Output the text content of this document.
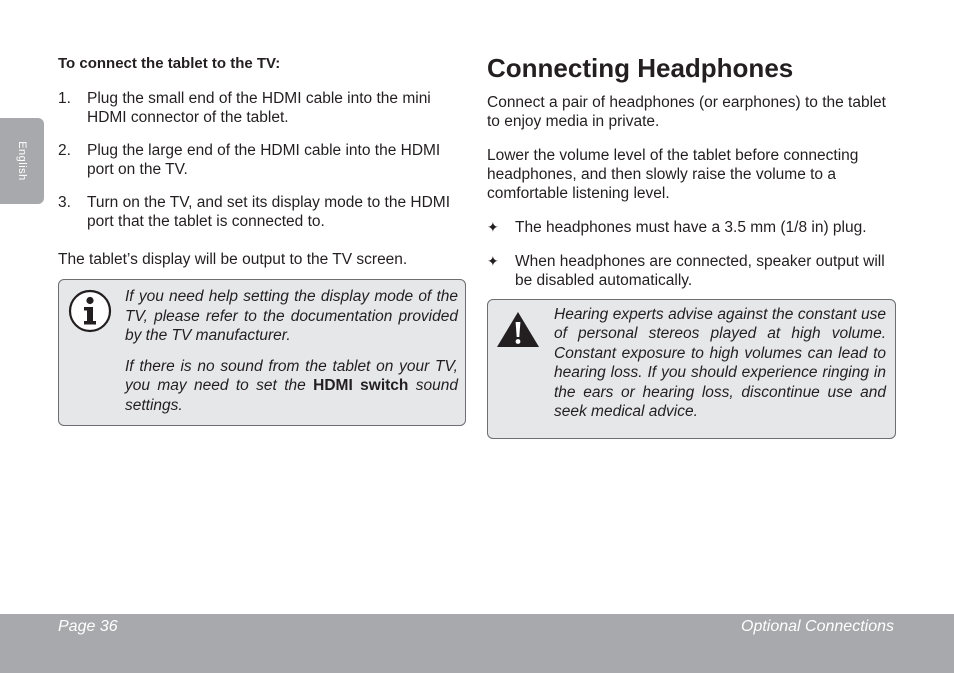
English
To connect the tablet to the TV:
1. Plug the small end of the HDMI cable into the mini HDMI connector of the tablet.
2. Plug the large end of the HDMI cable into the HDMI port on the TV.
3. Turn on the TV, and set its display mode to the HDMI port that the tablet is connected to.

The tablet’s display will be output to the TV screen.

If you need help setting the display mode of the TV, please refer to the documentation provided by the TV manufacturer.

If there is no sound from the tablet on your TV, you may need to set the HDMI switch sound settings.

Connecting Headphones

Connect a pair of headphones (or earphones) to the tablet to enjoy media in private.

Lower the volume level of the tablet before connecting headphones, and then slowly raise the volume to a comfortable listening level.

✦ The headphones must have a 3.5 mm (1/8 in) plug.
✦ When headphones are connected, speaker output will be disabled automatically.
Hearing experts advise against the constant use of personal stereos played at high volume. Constant exposure to high volumes can lead to hearing loss. If you should experience ringing in the ears or hearing loss, discontinue use and seek medical advice.
Page 36	Optional Connections
